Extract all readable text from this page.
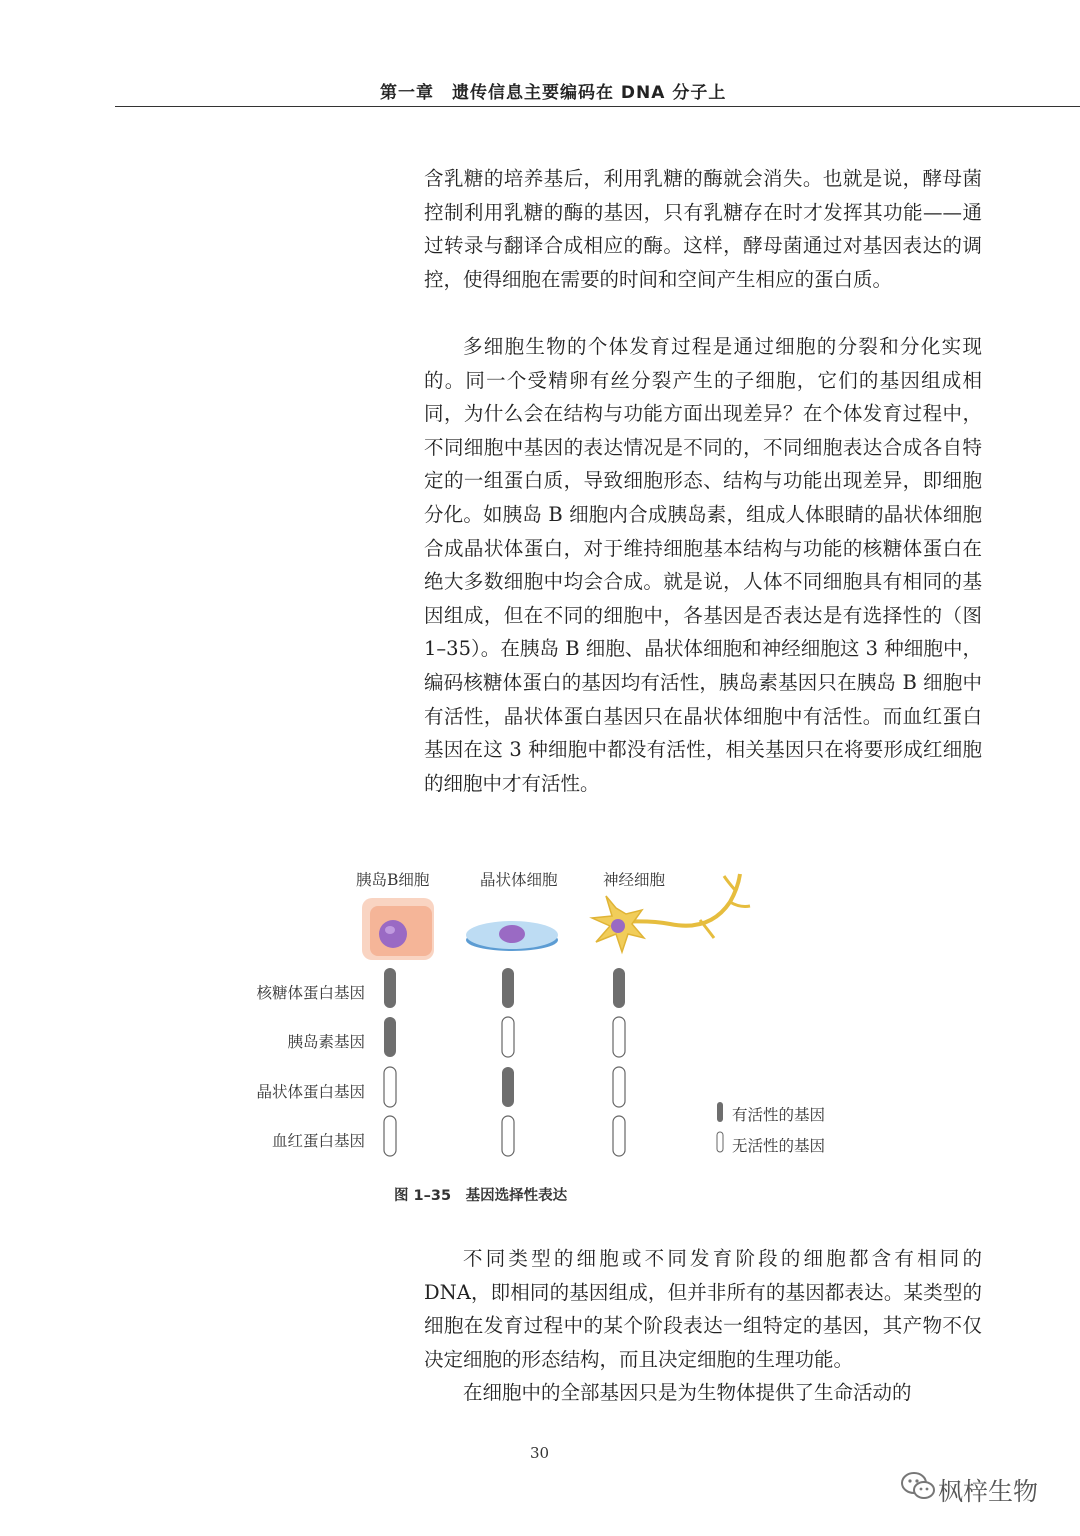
第一章　遗传信息主要编码在 DNA 分子上

含乳糖的培养基后，利用乳糖的酶就会消失。也就是说，酵母菌控制利用乳糖的酶的基因，只有乳糖存在时才发挥其功能——通过转录与翻译合成相应的酶。这样，酵母菌通过对基因表达的调控，使得细胞在需要的时间和空间产生相应的蛋白质。

多细胞生物的个体发育过程是通过细胞的分裂和分化实现的。同一个受精卵有丝分裂产生的子细胞，它们的基因组成相同，为什么会在结构与功能方面出现差异？在个体发育过程中，不同细胞中基因的表达情况是不同的，不同细胞表达合成各自特定的一组蛋白质，导致细胞形态、结构与功能出现差异，即细胞分化。如胰岛 B 细胞内合成胰岛素，组成人体眼睛的晶状体细胞合成晶状体蛋白，对于维持细胞基本结构与功能的核糖体蛋白在绝大多数细胞中均会合成。就是说，人体不同细胞具有相同的基因组成，但在不同的细胞中，各基因是否表达是有选择性的（图 1–35）。在胰岛 B 细胞、晶状体细胞和神经细胞这 3 种细胞中，编码核糖体蛋白的基因均有活性，胰岛素基因只在胰岛 B 细胞中有活性，晶状体蛋白基因只在晶状体细胞中有活性。而血红蛋白基因在这 3 种细胞中都没有活性，相关基因只在将要形成红细胞的细胞中才有活性。

胰岛B细胞	晶状体细胞	神经细胞
核糖体蛋白基因
胰岛素基因
晶状体蛋白基因
血红蛋白基因
有活性的基因
无活性的基因
图 1–35　基因选择性表达

不同类型的细胞或不同发育阶段的细胞都含有相同的 DNA，即相同的基因组成，但并非所有的基因都表达。某类型的细胞在发育过程中的某个阶段表达一组特定的基因，其产物不仅决定细胞的形态结构，而且决定细胞的生理功能。

在细胞中的全部基因只是为生物体提供了生命活动的

30
枫梓生物
